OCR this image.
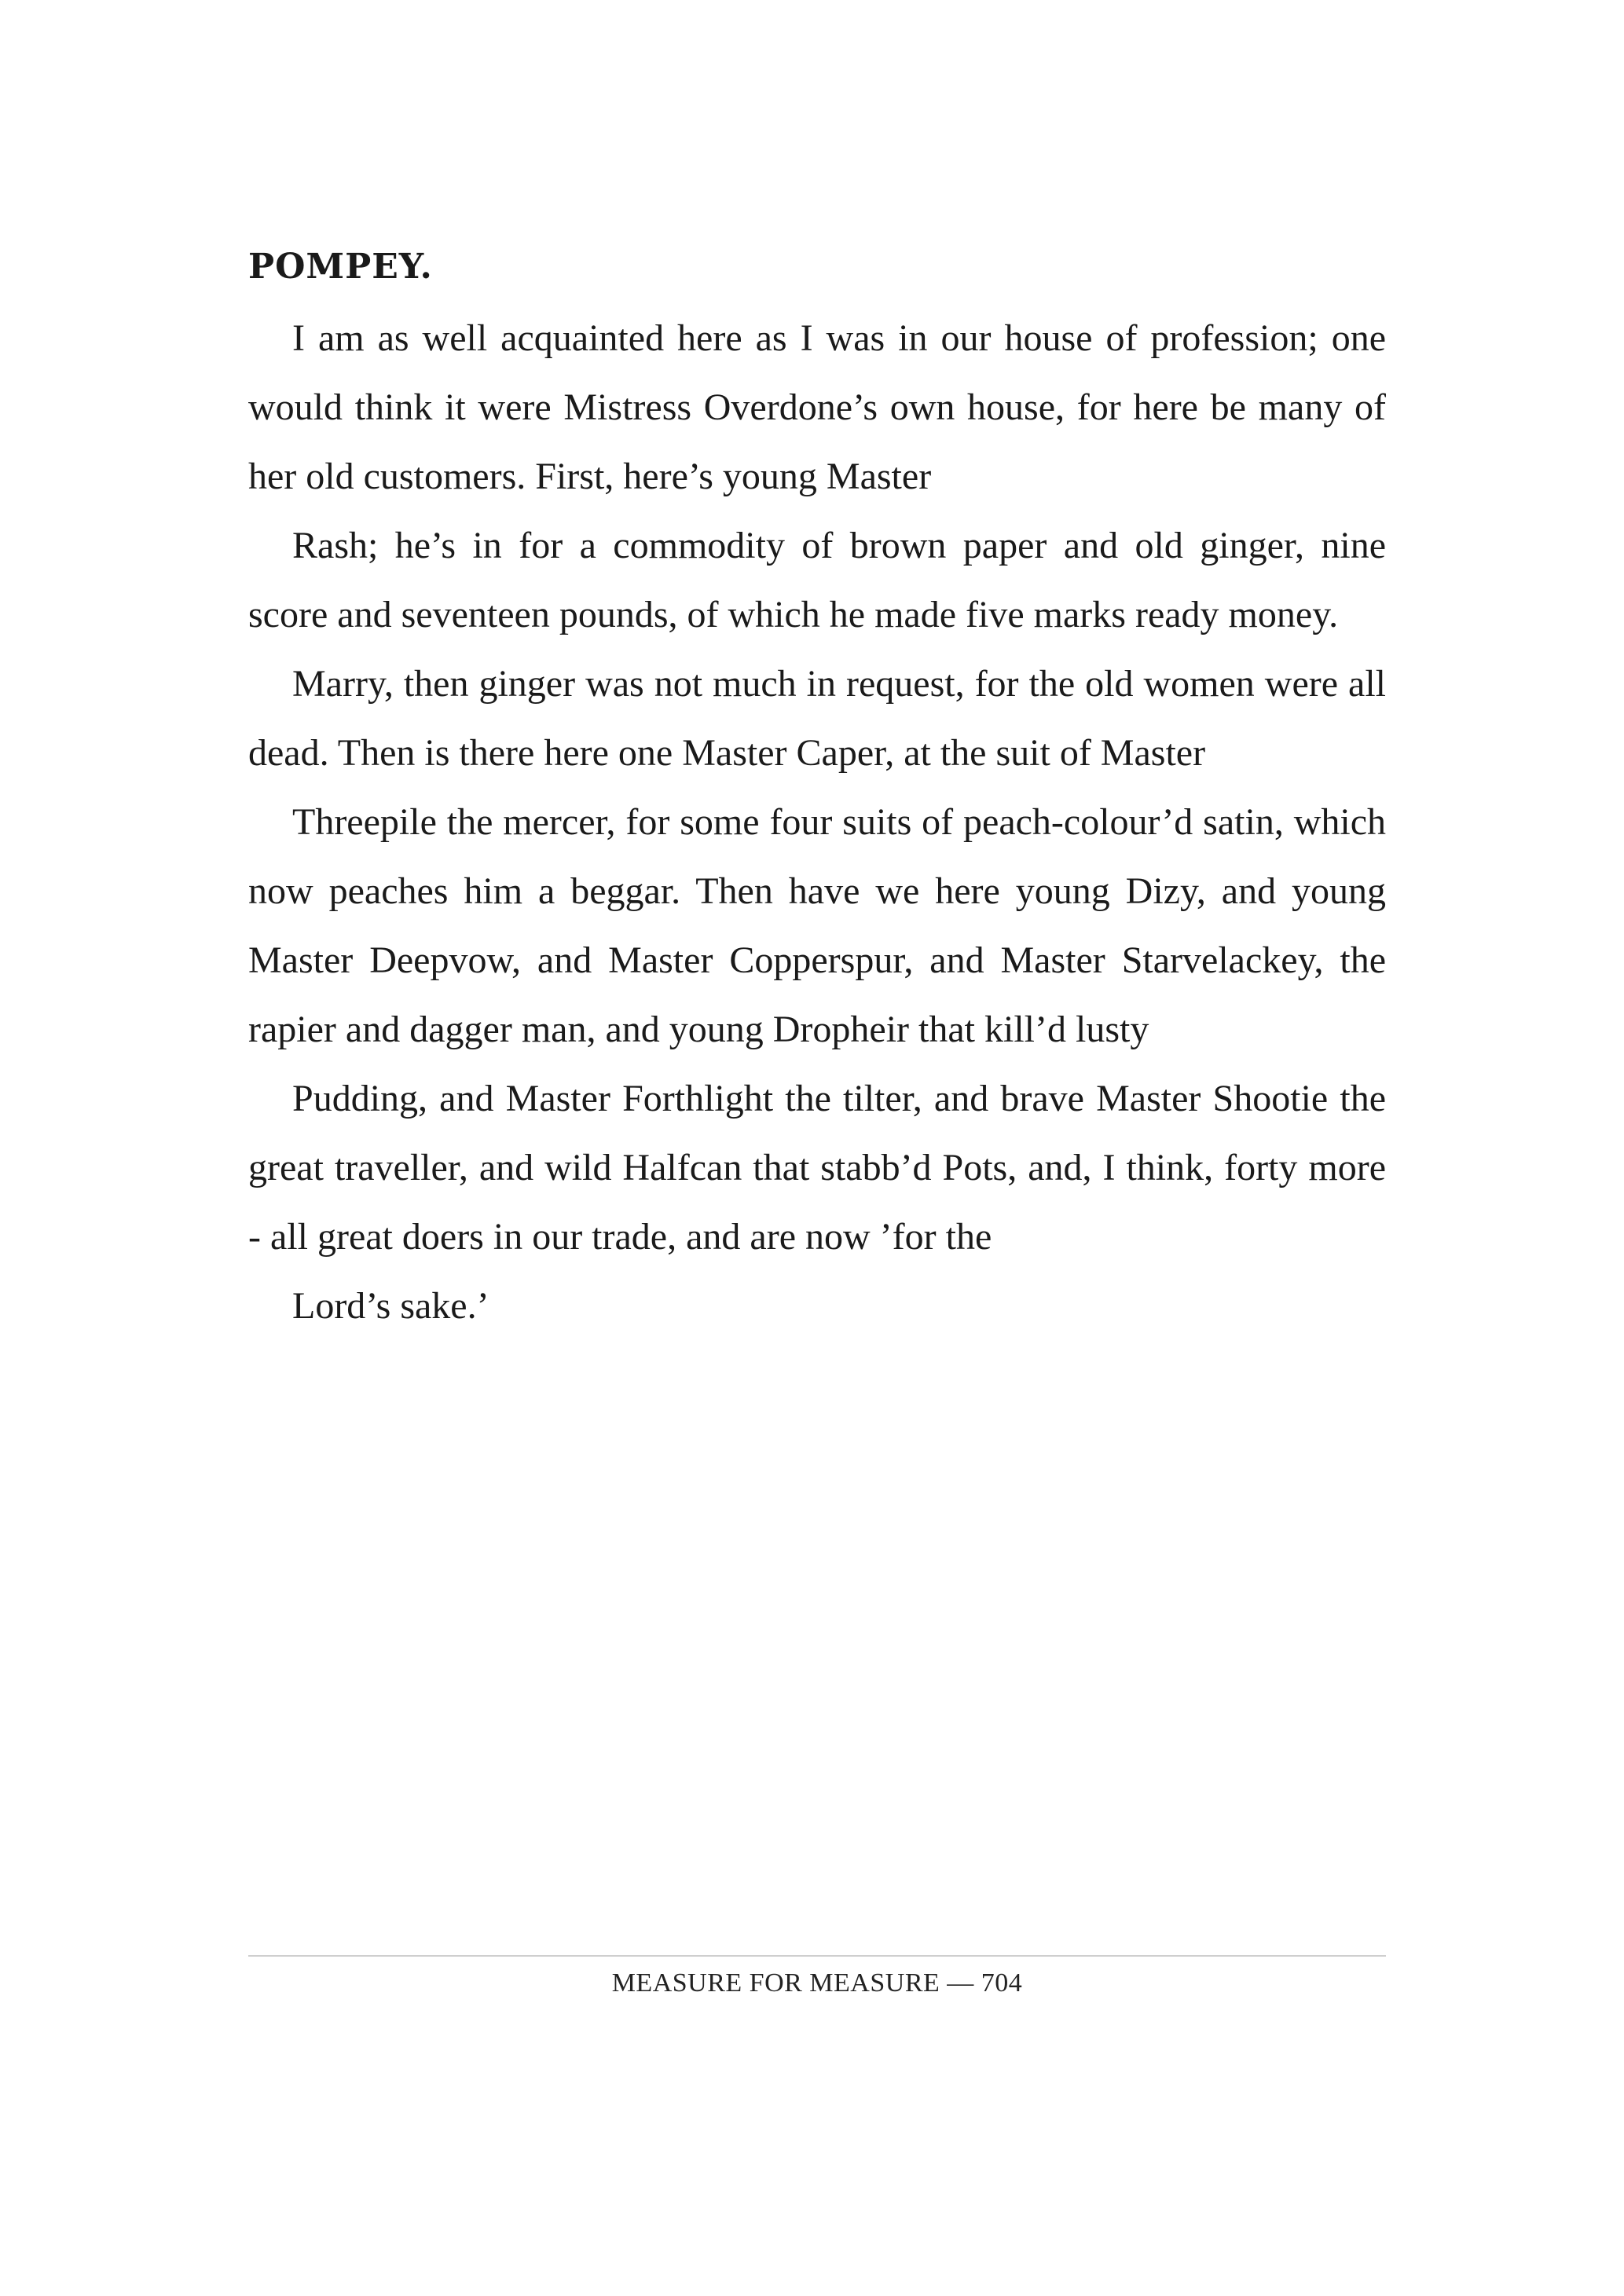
POMPEY.

I am as well acquainted here as I was in our house of profession; one would think it were Mistress Overdone’s own house, for here be many of her old customers. First, here’s young Master

Rash; he’s in for a commodity of brown paper and old ginger, nine score and seventeen pounds, of which he made five marks ready money.

Marry, then ginger was not much in request, for the old women were all dead. Then is there here one Master Caper, at the suit of Master

Threepile the mercer, for some four suits of peach-colour’d satin, which now peaches him a beggar. Then have we here young Dizy, and young Master Deepvow, and Master Copperspur, and Master Starvelackey, the rapier and dagger man, and young Dropheir that kill’d lusty

Pudding, and Master Forthlight the tilter, and brave Master Shootie the great traveller, and wild Halfcan that stabb’d Pots, and, I think, forty more - all great doers in our trade, and are now ’for the

Lord’s sake.’

MEASURE FOR MEASURE — 704
